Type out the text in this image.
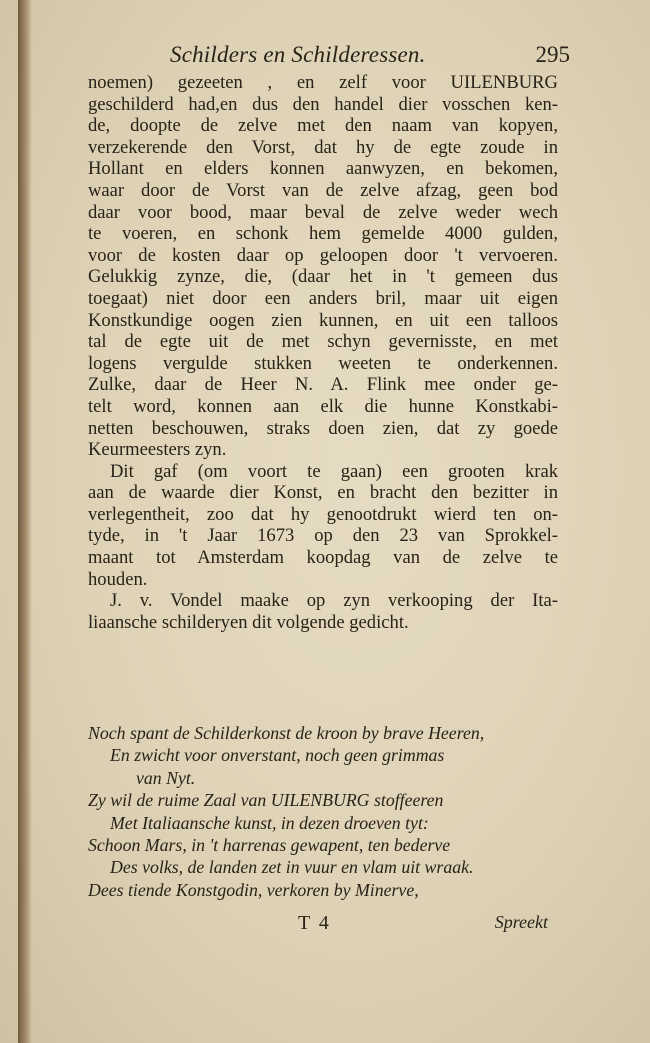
Schilders en Schilderessen.	295
noemen) gezeeten , en zelf voor UILENBURG
geschilderd had,en dus den handel dier vosschen ken-
de, doopte de zelve met den naam van kopyen,
verzekerende den Vorst, dat hy de egte zoude in
Hollant en elders konnen aanwyzen, en bekomen,
waar door de Vorst van de zelve afzag, geen bod
daar voor bood, maar beval de zelve weder wech
te voeren, en schonk hem gemelde 4000 gulden,
voor de kosten daar op geloopen door 't vervoeren.
Gelukkig zynze, die, (daar het in 't gemeen dus
toegaat) niet door een anders bril, maar uit eigen
Konstkundige oogen zien kunnen, en uit een talloos
tal de egte uit de met schyn gevernisste, en met
logens vergulde stukken weeten te onderkennen.
Zulke, daar de Heer N. A. Flink mee onder ge-
telt word, konnen aan elk die hunne Konstkabi-
netten beschouwen, straks doen zien, dat zy goede
Keurmeesters zyn.
Dit gaf (om voort te gaan) een grooten krak
aan de waarde dier Konst, en bracht den bezitter in
verlegentheit, zoo dat hy genootdrukt wierd ten on-
tyde, in 't Jaar 1673 op den 23 van Sprokkel-
maant tot Amsterdam koopdag van de zelve te
houden.
J. v. Vondel maake op zyn verkooping der Ita-
liaansche schilderyen dit volgende gedicht.
Noch spant de Schilderkonst de kroon by brave Heeren,
En zwicht voor onverstant, noch geen grimmas
van Nyt.
Zy wil de ruime Zaal van UILENBURG stoffeeren
Met Italiaansche kunst, in dezen droeven tyt:
Schoon Mars, in 't harrenas gewapent, ten bederve
Des volks, de landen zet in vuur en vlam uit wraak.
Dees tiende Konstgodin, verkoren by Minerve,
T 4	Spreekt
